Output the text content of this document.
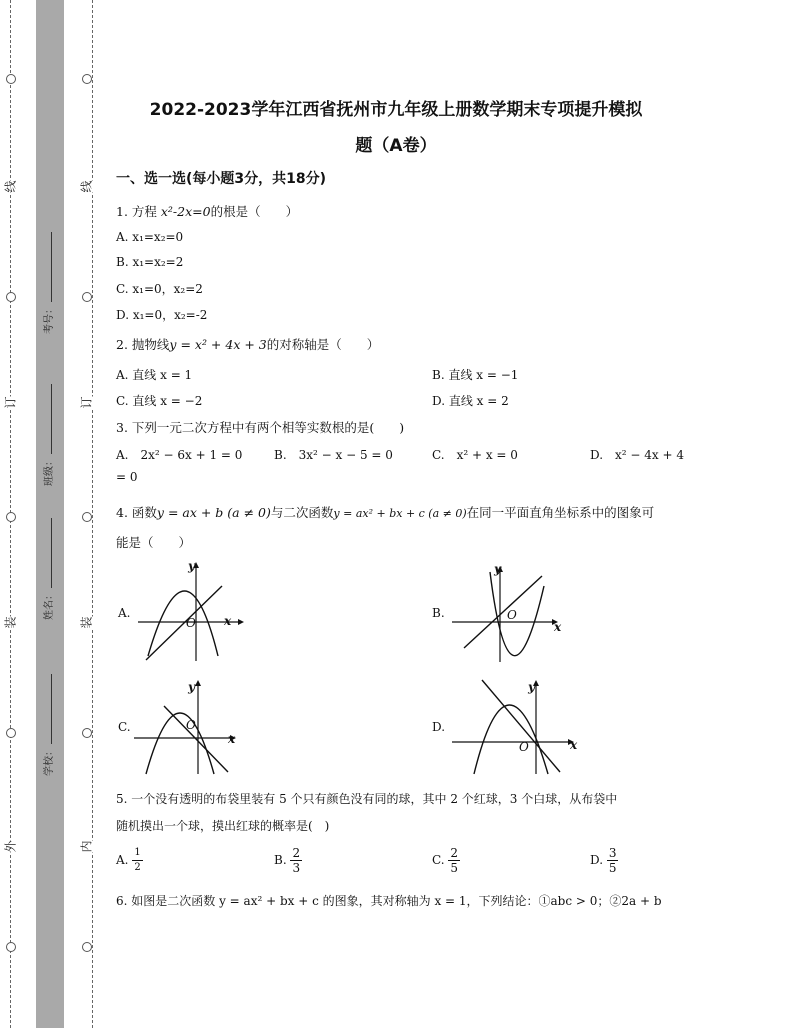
线
订
装
外
线
订
装
内
考号：
班级：
姓名：
学校：
2022-2023学年江西省抚州市九年级上册数学期末专项提升模拟
题（A卷）
一、选一选(每小题3分，共18分)
1. 方程 x²-2x=0的根是（　　）
A. x₁=x₂=0
B. x₁=x₂=2
C. x₁=0，x₂=2
D. x₁=0，x₂=-2
2. 抛物线y = x² + 4x + 3的对称轴是（　　）
A. 直线 x = 1	B. 直线 x = −1
C. 直线 x = −2	D. 直线 x = 2
3. 下列一元二次方程中有两个相等实数根的是(　　)
A.　2x² − 6x + 1 = 0	B.　3x² − x − 5 = 0	C.　x² + x = 0	D.　x² − 4x + 4
= 0
4. 函数y = ax + b (a ≠ 0)与二次函数y = ax² + bx + c (a ≠ 0)在同一平面直角坐标系中的图象可
能是（　　）
A.	B.
C.	D.
y
x
O
y
x
O
y
x
O
y
x
O
5. 一个没有透明的布袋里装有 5 个只有颜色没有同的球，其中 2 个红球，3 个白球，从布袋中
随机摸出一个球，摸出红球的概率是(　)
A. $\frac{1}{2}$	B. $\frac{2}{3}$	C. $\frac{2}{5}$	D. $\frac{3}{5}$
6. 如图是二次函数 y = ax² + bx + c 的图象，其对称轴为 x = 1，下列结论：①abc > 0；②2a + b
